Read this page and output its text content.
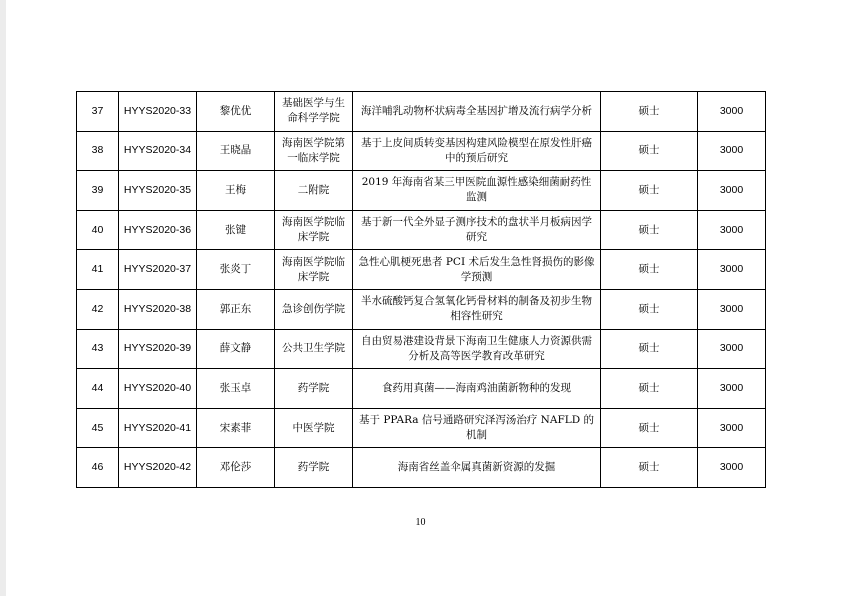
37	HYYS2020-33	黎优优	基础医学与生命科学学院	海洋哺乳动物杯状病毒全基因扩增及流行病学分析	硕士	3000
38	HYYS2020-34	王晓晶	海南医学院第一临床学院	基于上皮间质转变基因构建风险模型在原发性肝癌中的预后研究	硕士	3000
39	HYYS2020-35	王梅	二附院	2019 年海南省某三甲医院血源性感染细菌耐药性监测	硕士	3000
40	HYYS2020-36	张键	海南医学院临床学院	基于新一代全外显子测序技术的盘状半月板病因学研究	硕士	3000
41	HYYS2020-37	张炎丁	海南医学院临床学院	急性心肌梗死患者 PCI 术后发生急性肾损伤的影像学预测	硕士	3000
42	HYYS2020-38	郭正东	急诊创伤学院	半水硫酸钙复合氢氧化钙骨材料的制备及初步生物相容性研究	硕士	3000
43	HYYS2020-39	薛文静	公共卫生学院	自由贸易港建设背景下海南卫生健康人力资源供需分析及高等医学教育改革研究	硕士	3000
44	HYYS2020-40	张玉卓	药学院	食药用真菌——海南鸡油菌新物种的发现	硕士	3000
45	HYYS2020-41	宋素菲	中医学院	基于 PPARa 信号通路研究泽泻汤治疗 NAFLD 的机制	硕士	3000
46	HYYS2020-42	邓伦莎	药学院	海南省丝盖伞属真菌新资源的发掘	硕士	3000
10
